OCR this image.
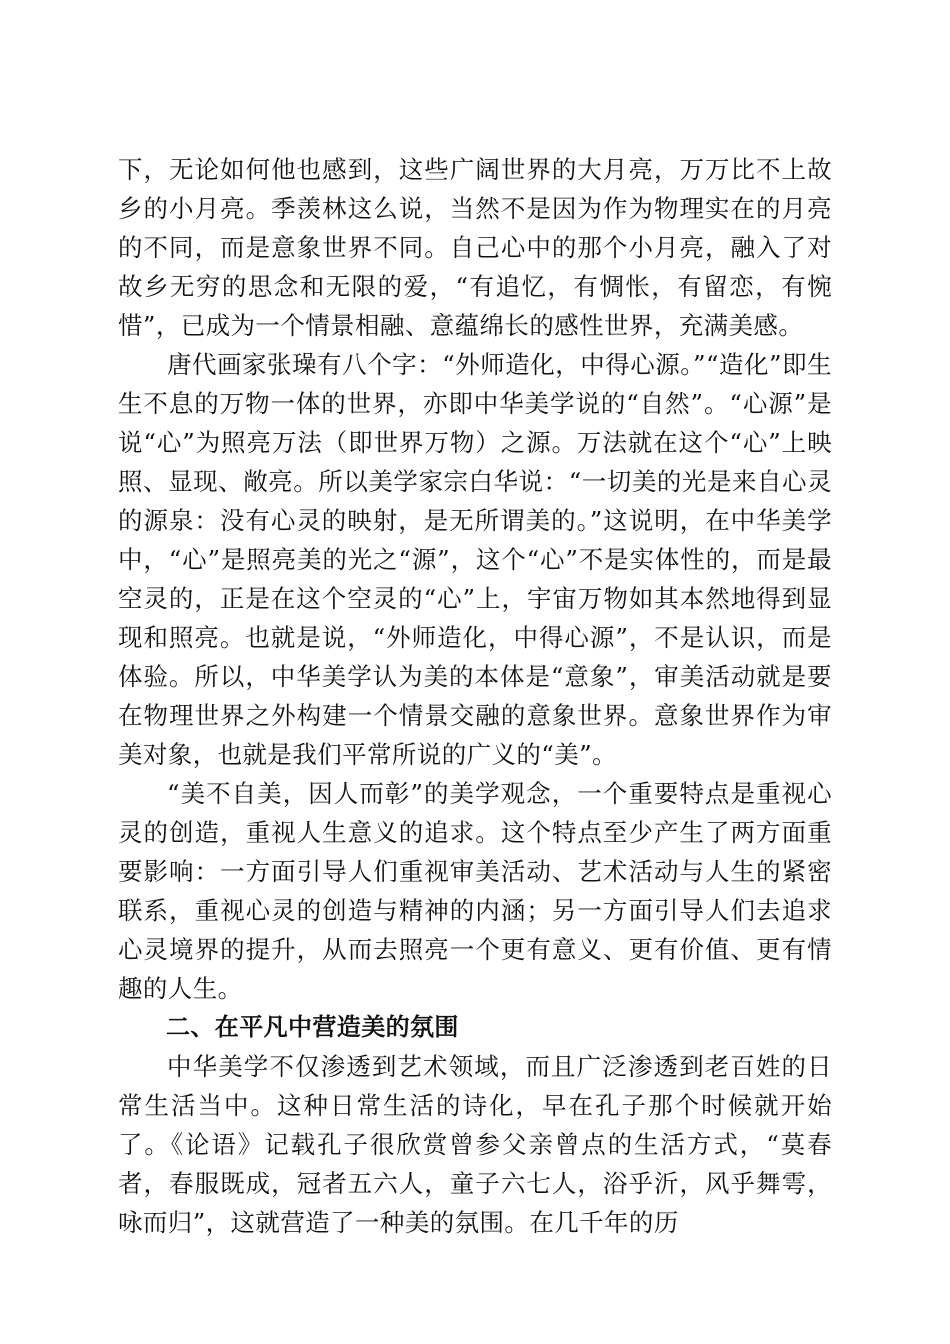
下，无论如何他也感到，这些广阔世界的大月亮，万万比不上故乡的小月亮。季羡林这么说，当然不是因为作为物理实在的月亮的不同，而是意象世界不同。自己心中的那个小月亮，融入了对故乡无穷的思念和无限的爱，“有追忆，有惆怅，有留恋，有惋惜”，已成为一个情景相融、意蕴绵长的感性世界，充满美感。

唐代画家张璪有八个字：“外师造化，中得心源。”“造化”即生生不息的万物一体的世界，亦即中华美学说的“自然”。“心源”是说“心”为照亮万法（即世界万物）之源。万法就在这个“心”上映照、显现、敞亮。所以美学家宗白华说：“一切美的光是来自心灵的源泉：没有心灵的映射，是无所谓美的。”这说明，在中华美学中，“心”是照亮美的光之“源”，这个“心”不是实体性的，而是最空灵的，正是在这个空灵的“心”上，宇宙万物如其本然地得到显现和照亮。也就是说，“外师造化，中得心源”，不是认识，而是体验。所以，中华美学认为美的本体是“意象”，审美活动就是要在物理世界之外构建一个情景交融的意象世界。意象世界作为审美对象，也就是我们平常所说的广义的“美”。

“美不自美，因人而彰”的美学观念，一个重要特点是重视心灵的创造，重视人生意义的追求。这个特点至少产生了两方面重要影响：一方面引导人们重视审美活动、艺术活动与人生的紧密联系，重视心灵的创造与精神的内涵；另一方面引导人们去追求心灵境界的提升，从而去照亮一个更有意义、更有价值、更有情趣的人生。

二、在平凡中营造美的氛围

中华美学不仅渗透到艺术领域，而且广泛渗透到老百姓的日常生活当中。这种日常生活的诗化，早在孔子那个时候就开始了。《论语》记载孔子很欣赏曾参父亲曾点的生活方式，“莫春者，春服既成，冠者五六人，童子六七人，浴乎沂，风乎舞雩，咏而归”，这就营造了一种美的氛围。在几千年的历
